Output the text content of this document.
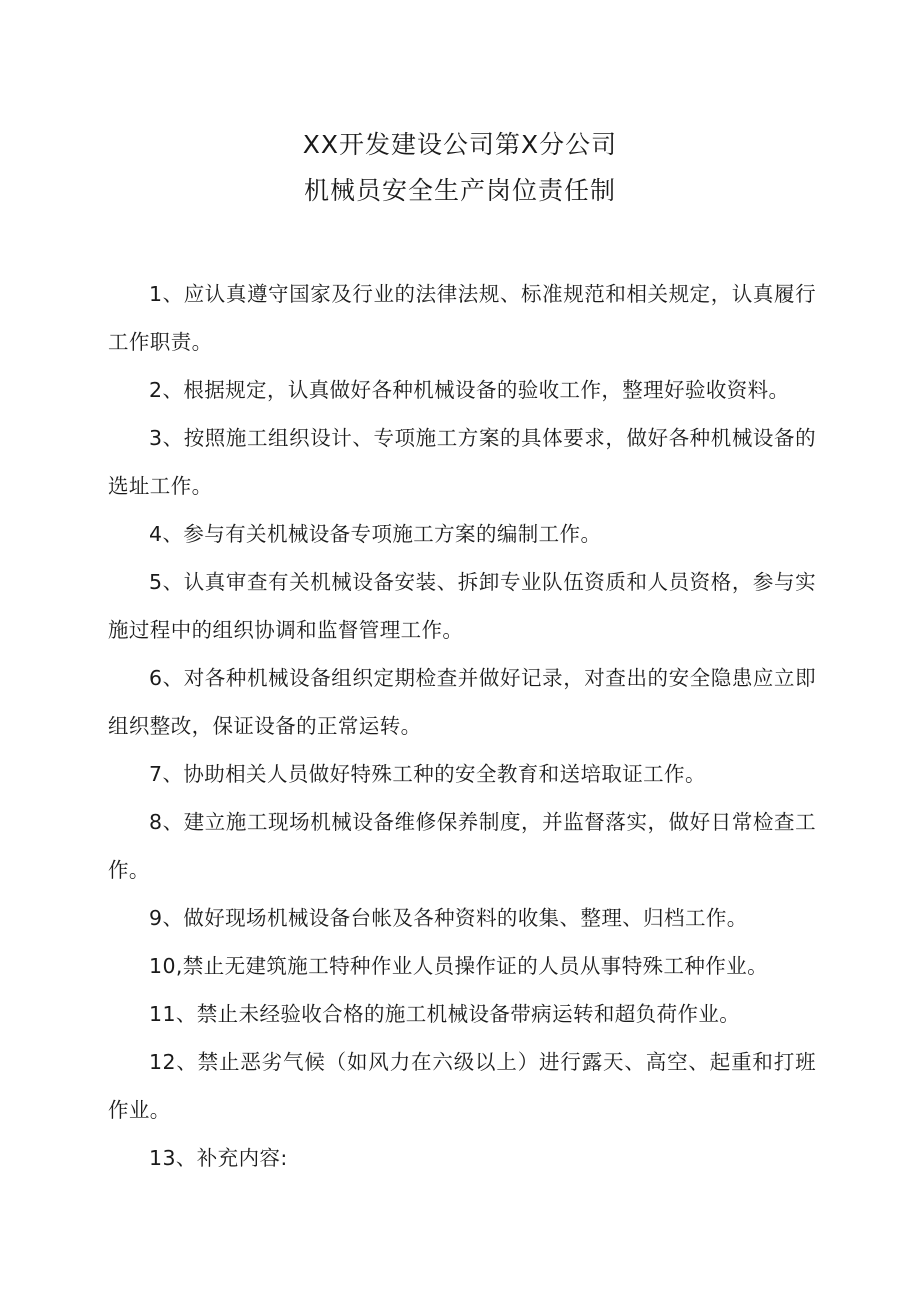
XX开发建设公司第X分公司
机械员安全生产岗位责任制

1、应认真遵守国家及行业的法律法规、标准规范和相关规定，认真履行工作职责。

2、根据规定，认真做好各种机械设备的验收工作，整理好验收资料。

3、按照施工组织设计、专项施工方案的具体要求，做好各种机械设备的选址工作。

4、参与有关机械设备专项施工方案的编制工作。

5、认真审查有关机械设备安装、拆卸专业队伍资质和人员资格，参与实施过程中的组织协调和监督管理工作。

6、对各种机械设备组织定期检查并做好记录，对查出的安全隐患应立即组织整改，保证设备的正常运转。

7、协助相关人员做好特殊工种的安全教育和送培取证工作。

8、建立施工现场机械设备维修保养制度，并监督落实，做好日常检查工作。

9、做好现场机械设备台帐及各种资料的收集、整理、归档工作。

10,禁止无建筑施工特种作业人员操作证的人员从事特殊工种作业。

11、禁止未经验收合格的施工机械设备带病运转和超负荷作业。

12、禁止恶劣气候（如风力在六级以上）进行露天、高空、起重和打班作业。

13、补充内容:
